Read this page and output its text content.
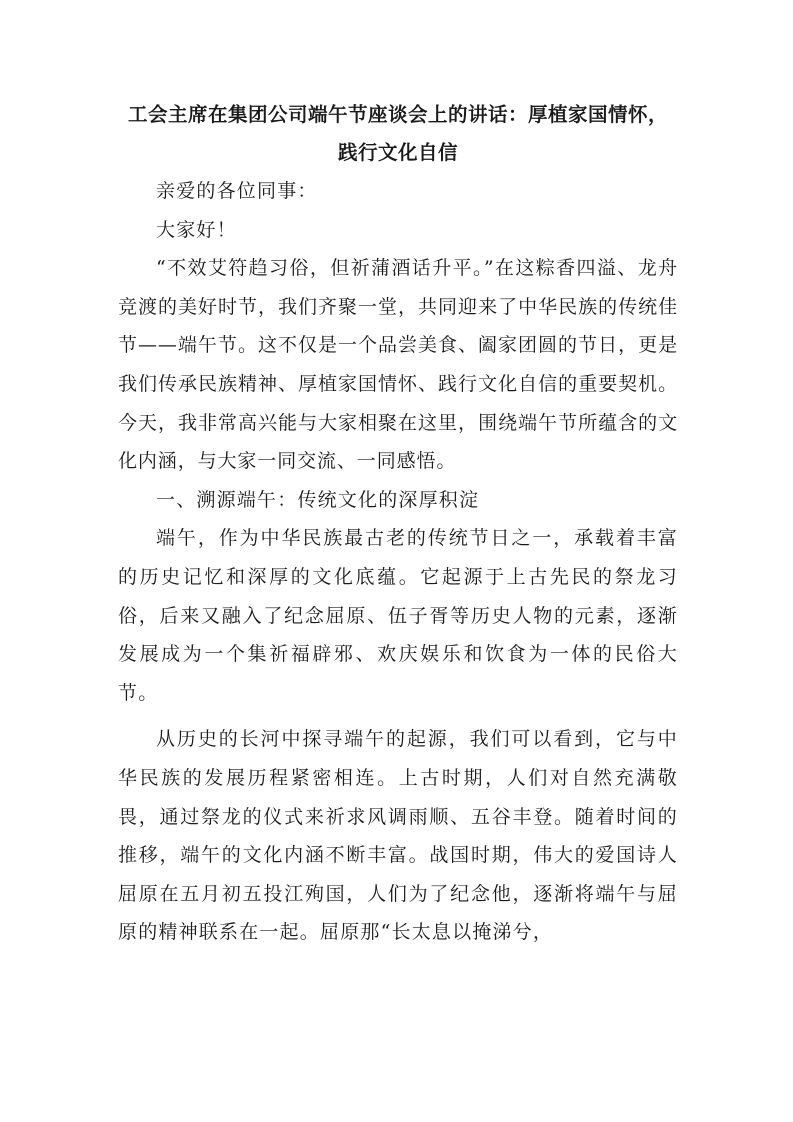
工会主席在集团公司端午节座谈会上的讲话：厚植家国情怀，
践行文化自信

亲爱的各位同事：

大家好！

“不效艾符趋习俗，但祈蒲酒话升平。”在这粽香四溢、龙舟竞渡的美好时节，我们齐聚一堂，共同迎来了中华民族的传统佳节——端午节。这不仅是一个品尝美食、阖家团圆的节日，更是我们传承民族精神、厚植家国情怀、践行文化自信的重要契机。今天，我非常高兴能与大家相聚在这里，围绕端午节所蕴含的文化内涵，与大家一同交流、一同感悟。

一、溯源端午：传统文化的深厚积淀

端午，作为中华民族最古老的传统节日之一，承载着丰富的历史记忆和深厚的文化底蕴。它起源于上古先民的祭龙习俗，后来又融入了纪念屈原、伍子胥等历史人物的元素，逐渐发展成为一个集祈福辟邪、欢庆娱乐和饮食为一体的民俗大节。

从历史的长河中探寻端午的起源，我们可以看到，它与中华民族的发展历程紧密相连。上古时期，人们对自然充满敬畏，通过祭龙的仪式来祈求风调雨顺、五谷丰登。随着时间的推移，端午的文化内涵不断丰富。战国时期，伟大的爱国诗人屈原在五月初五投江殉国，人们为了纪念他，逐渐将端午与屈原的精神联系在一起。屈原那“长太息以掩涕兮，
